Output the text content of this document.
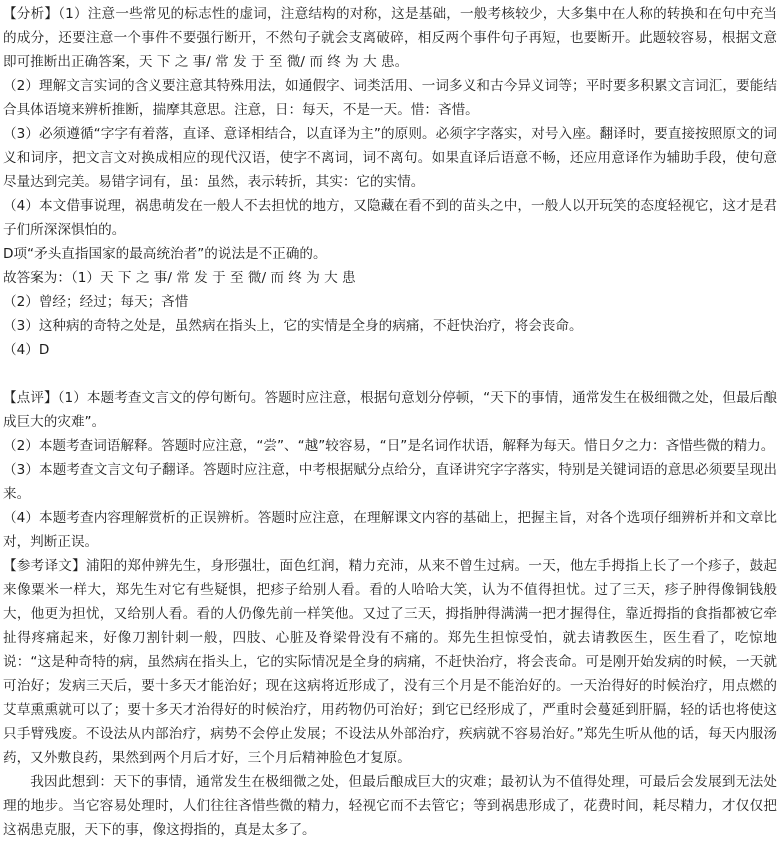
【分析】（1）注意一些常见的标志性的虚词，注意结构的对称，这是基础，一般考核较少，大多集中在人称的转换和在句中充当的成分，还要注意一个事件不要强行断开，不然句子就会支离破碎，相反两个事件句子再短，也要断开。此题较容易，根据文意即可推断出正确答案，天 下 之 事/ 常 发 于 至 微/ 而 终 为 大 患。

（2）理解文言实词的含义要注意其特殊用法，如通假字、词类活用、一词多义和古今异义词等；平时要多积累文言词汇，要能结合具体语境来辨析推断，揣摩其意思。注意，日：每天，不是一天。惜：吝惜。

（3）必须遵循“字字有着落，直译、意译相结合，以直译为主”的原则。必须字字落实，对号入座。翻译时，要直接按照原文的词义和词序，把文言文对换成相应的现代汉语，使字不离词，词不离句。如果直译后语意不畅，还应用意译作为辅助手段，使句意尽量达到完美。易错字词有，虽：虽然，表示转折，其实：它的实情。

（4）本文借事说理，祸患萌发在一般人不去担忧的地方，又隐藏在看不到的苗头之中，一般人以开玩笑的态度轻视它，这才是君子们所深深惧怕的。

D项“矛头直指国家的最高统治者”的说法是不正确的。

故答案为：（1）天 下 之 事/ 常 发 于 至 微/ 而 终 为 大 患

（2）曾经；经过；每天；吝惜

（3）这种病的奇特之处是，虽然病在指头上，它的实情是全身的病痛，不赶快治疗，将会丧命。

（4）D

【点评】（1）本题考查文言文的停句断句。答题时应注意，根据句意划分停顿，“天下的事情，通常发生在极细微之处，但最后酿成巨大的灾难”。

（2）本题考查词语解释。答题时应注意，“尝”、“越”较容易，“日”是名词作状语，解释为每天。惜日夕之力：吝惜些微的精力。

（3）本题考查文言文句子翻译。答题时应注意，中考根据赋分点给分，直译讲究字字落实，特别是关键词语的意思必须要呈现出来。

（4）本题考查内容理解赏析的正误辨析。答题时应注意，在理解课文内容的基础上，把握主旨，对各个选项仔细辨析并和文章比对，判断正误。

【参考译文】浦阳的郑仲辨先生，身形强壮，面色红润，精力充沛，从来不曾生过病。一天，他左手拇指上长了一个疹子，鼓起来像粟米一样大，郑先生对它有些疑惧，把疹子给别人看。看的人哈哈大笑，认为不值得担忧。过了三天，疹子肿得像铜钱般大，他更为担忧，又给别人看。看的人仍像先前一样笑他。又过了三天，拇指肿得满满一把才握得住，靠近拇指的食指都被它牵扯得疼痛起来，好像刀割针刺一般，四肢、心脏及脊梁骨没有不痛的。郑先生担惊受怕，就去请教医生，医生看了，吃惊地说：“这是种奇特的病，虽然病在指头上，它的实际情况是全身的病痛，不赶快治疗，将会丧命。可是刚开始发病的时候，一天就可治好；发病三天后，要十多天才能治好；现在这病将近形成了，没有三个月是不能治好的。一天治得好的时候治疗，用点燃的艾草熏熏就可以了；要十多天才治得好的时候治疗，用药物仍可治好；到它已经形成了，严重时会蔓延到肝膈，轻的话也将使这只手臂残废。不设法从内部治疗，病势不会停止发展；不设法从外部治疗，疾病就不容易治好。”郑先生听从他的话，每天内服汤药，又外敷良药，果然到两个月后才好，三个月后精神脸色才复原。

我因此想到：天下的事情，通常发生在极细微之处，但最后酿成巨大的灾难；最初认为不值得处理，可最后会发展到无法处理的地步。当它容易处理时，人们往往吝惜些微的精力，轻视它而不去管它；等到祸患形成了，花费时间，耗尽精力，才仅仅把这祸患克服，天下的事，像这拇指的，真是太多了。
